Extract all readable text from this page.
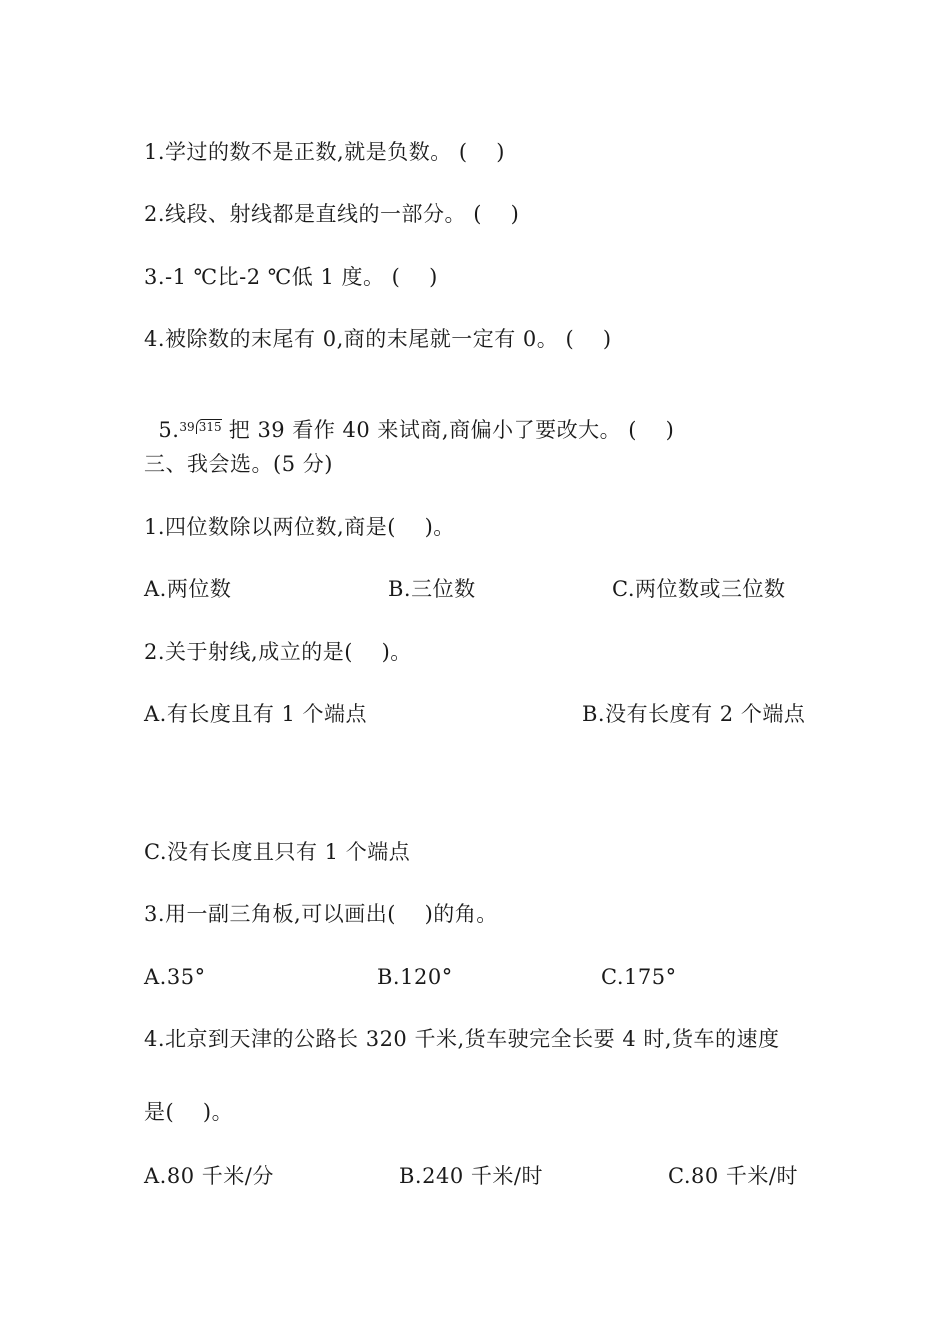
1.学过的数不是正数,就是负数。 (    )
2.线段、射线都是直线的一部分。 (    )
3.-1 ℃比-2 ℃低 1 度。 (    )
4.被除数的末尾有 0,商的末尾就一定有 0。 (    )

5.39 315 把 39 看作 40 来试商,商偏小了要改大。 (    )

三、我会选。(5 分)
1.四位数除以两位数,商是(    )。
A.两位数	B.三位数	C.两位数或三位数
2.关于射线,成立的是(    )。
A.有长度且有 1 个端点	B.没有长度有 2 个端点
C.没有长度且只有 1 个端点
3.用一副三角板,可以画出(    )的角。
A.35°	B.120°	C.175°
4.北京到天津的公路长 320 千米,货车驶完全长要 4 时,货车的速度
是(    )。
A.80 千米/分	B.240 千米/时	C.80 千米/时
